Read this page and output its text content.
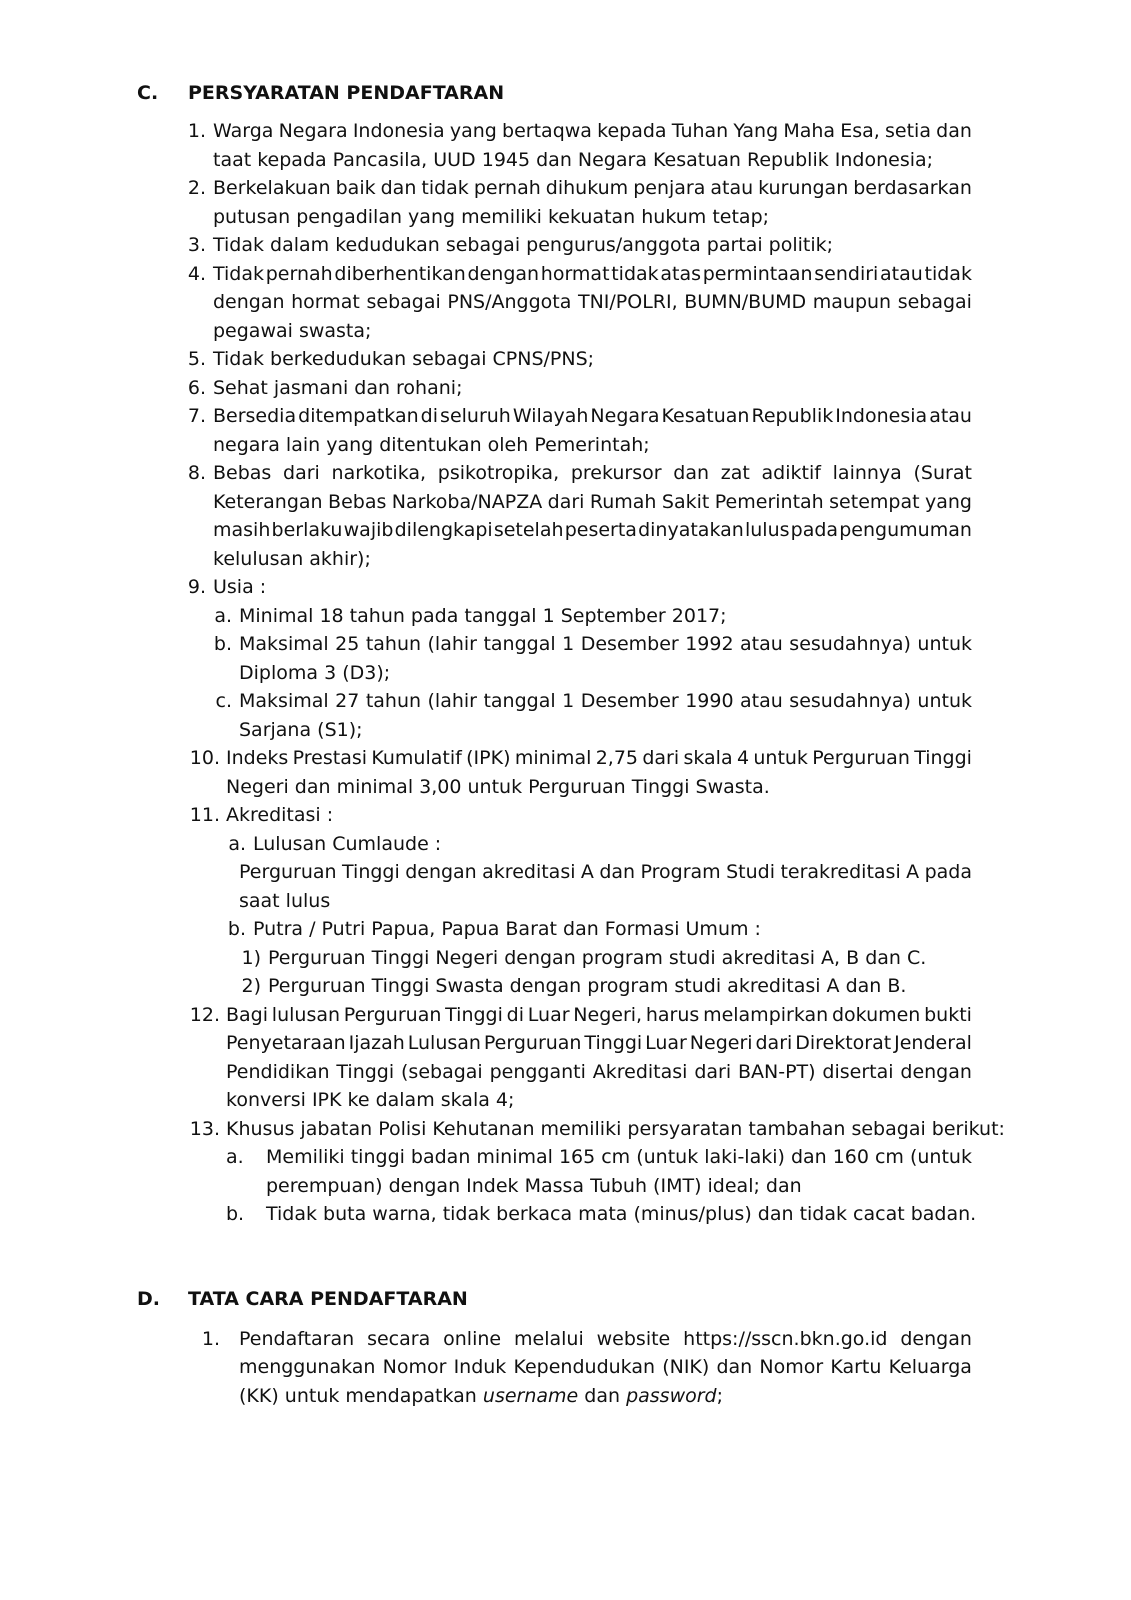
C. PERSYARATAN PENDAFTARAN
1. Warga Negara Indonesia yang bertaqwa kepada Tuhan Yang Maha Esa, setia dan
taat kepada Pancasila, UUD 1945 dan Negara Kesatuan Republik Indonesia;
2. Berkelakuan baik dan tidak pernah dihukum penjara atau kurungan berdasarkan
putusan pengadilan yang memiliki kekuatan hukum tetap;
3. Tidak dalam kedudukan sebagai pengurus/anggota partai politik;
4. Tidak pernah diberhentikan dengan hormat tidak atas permintaan sendiri atau tidak
dengan hormat sebagai PNS/Anggota TNI/POLRI, BUMN/BUMD maupun sebagai
pegawai swasta;
5. Tidak berkedudukan sebagai CPNS/PNS;
6. Sehat jasmani dan rohani;
7. Bersedia ditempatkan di seluruh Wilayah Negara Kesatuan Republik Indonesia atau
negara lain yang ditentukan oleh Pemerintah;
8. Bebas dari narkotika, psikotropika, prekursor dan zat adiktif lainnya (Surat
Keterangan Bebas Narkoba/NAPZA dari Rumah Sakit Pemerintah setempat yang
masih berlaku wajib dilengkapi setelah peserta dinyatakan lulus pada pengumuman
kelulusan akhir);
9. Usia :
a. Minimal 18 tahun pada tanggal 1 September 2017;
b. Maksimal 25 tahun (lahir tanggal 1 Desember 1992 atau sesudahnya) untuk
Diploma 3 (D3);
c. Maksimal 27 tahun (lahir tanggal 1 Desember 1990 atau sesudahnya) untuk
Sarjana (S1);
10. Indeks Prestasi Kumulatif (IPK) minimal 2,75 dari skala 4 untuk Perguruan Tinggi
Negeri dan minimal 3,00 untuk Perguruan Tinggi Swasta.
11. Akreditasi :
a. Lulusan Cumlaude :
Perguruan Tinggi dengan akreditasi A dan Program Studi terakreditasi A pada
saat lulus
b. Putra / Putri Papua, Papua Barat dan Formasi Umum :
1) Perguruan Tinggi Negeri dengan program studi akreditasi A, B dan C.
2) Perguruan Tinggi Swasta dengan program studi akreditasi A dan B.
12. Bagi lulusan Perguruan Tinggi di Luar Negeri, harus melampirkan dokumen bukti
Penyetaraan Ijazah Lulusan Perguruan Tinggi Luar Negeri dari Direktorat Jenderal
Pendidikan Tinggi (sebagai pengganti Akreditasi dari BAN-PT) disertai dengan
konversi IPK ke dalam skala 4;
13. Khusus jabatan Polisi Kehutanan memiliki persyaratan tambahan sebagai berikut:
a. Memiliki tinggi badan minimal 165 cm (untuk laki-laki) dan 160 cm (untuk
perempuan) dengan Indek Massa Tubuh (IMT) ideal; dan
b. Tidak buta warna, tidak berkaca mata (minus/plus) dan tidak cacat badan.
D. TATA CARA PENDAFTARAN
1. Pendaftaran secara online melalui website https://sscn.bkn.go.id dengan
menggunakan Nomor Induk Kependudukan (NIK) dan Nomor Kartu Keluarga
(KK) untuk mendapatkan username dan password;
